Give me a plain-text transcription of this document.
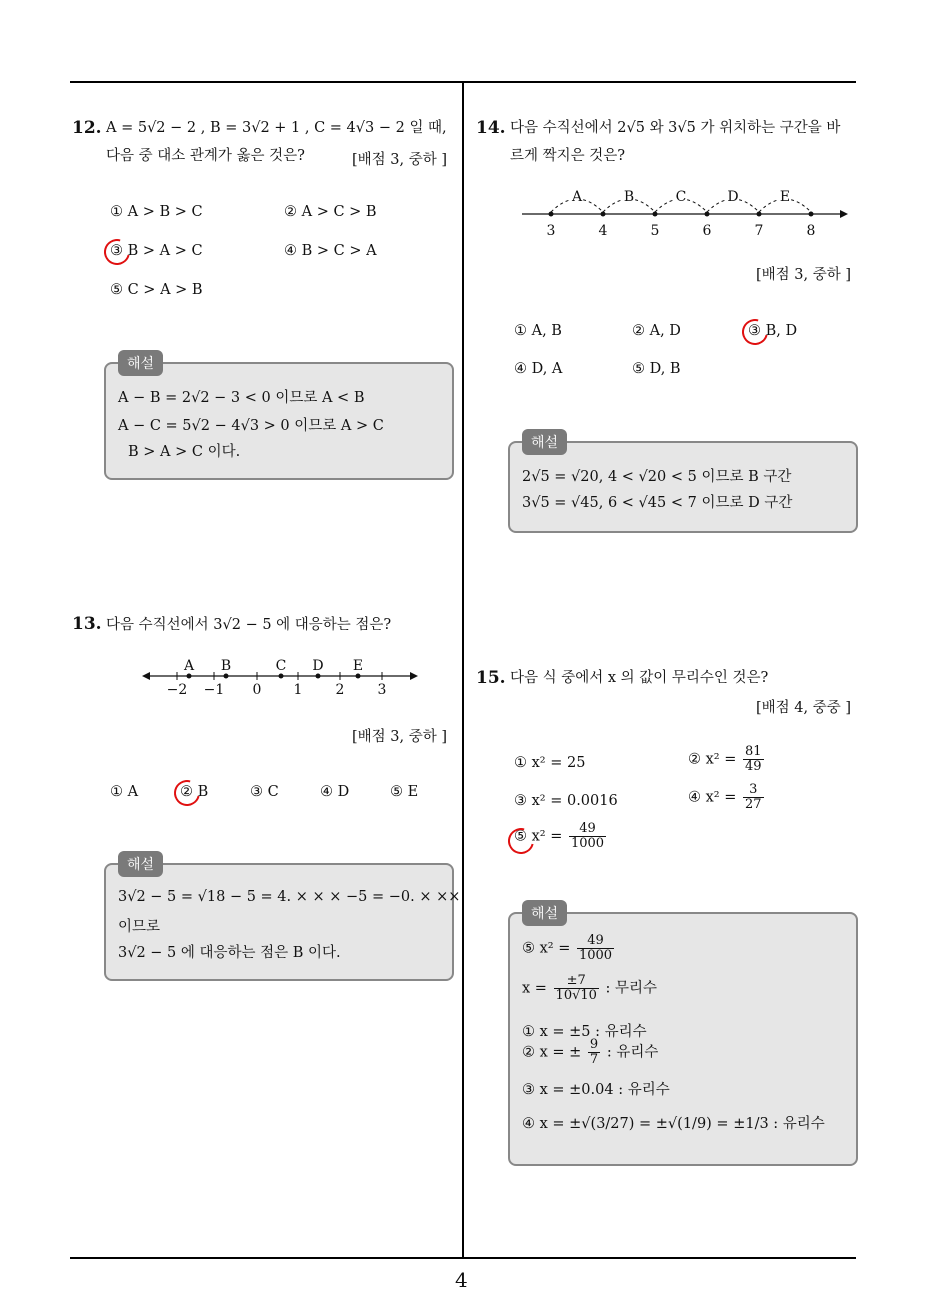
4
12. A = 5√2 − 2 , B = 3√2 + 1 , C = 4√3 − 2 일 때,
다음 중 대소 관계가 옳은 것은?	[배점 3, 중하 ]
① A > B > C	② A > C > B
③ B > A > C	④ B > C > A
⑤ C > A > B
해설
A − B = 2√2 − 3 < 0 이므로 A < B
A − C = 5√2 − 4√3 > 0 이므로 A > C
B > A > C 이다.
13. 다음 수직선에서 3√2 − 5 에 대응하는 점은?
A B	C D E
−2 −1 0 1 2 3
[배점 3, 중하 ]
① A	② B	③ C	④ D	⑤ E
해설
3√2 − 5 = √18 − 5 = 4. × × × −5 = −0. × ××
이므로
3√2 − 5 에 대응하는 점은 B 이다.
14. 다음 수직선에서 2√5 와 3√5 가 위치하는 구간을 바
르게 짝지은 것은?
A	B	C	D	E
3	4	5	6	7	8
[배점 3, 중하 ]
① A, B	② A, D	③ B, D
④ D, A	⑤ D, B
해설
2√5 = √20, 4 < √20 < 5 이므로 B 구간
3√5 = √45, 6 < √45 < 7 이므로 D 구간
15. 다음 식 중에서 x 의 값이 무리수인 것은?
[배점 4, 중중 ]
① x² = 25	② $x^2 = \frac{81}{49}$
③ x² = 0.0016	④ $x^2 = \frac{3}{27}$
⑤ $x^2 = \frac{49}{1000}$
해설
⑤ $x^2 = \frac{49}{1000}$
$x = \frac{\pm 7}{10√10}$ : 무리수
① x = ±5 : 유리수
② x = ± $\frac{9}{7}$ : 유리수
③ x = ±0.04 : 유리수
④ x = ±√(3/27) = ±√(1/9) = ±1/3 : 유리수
